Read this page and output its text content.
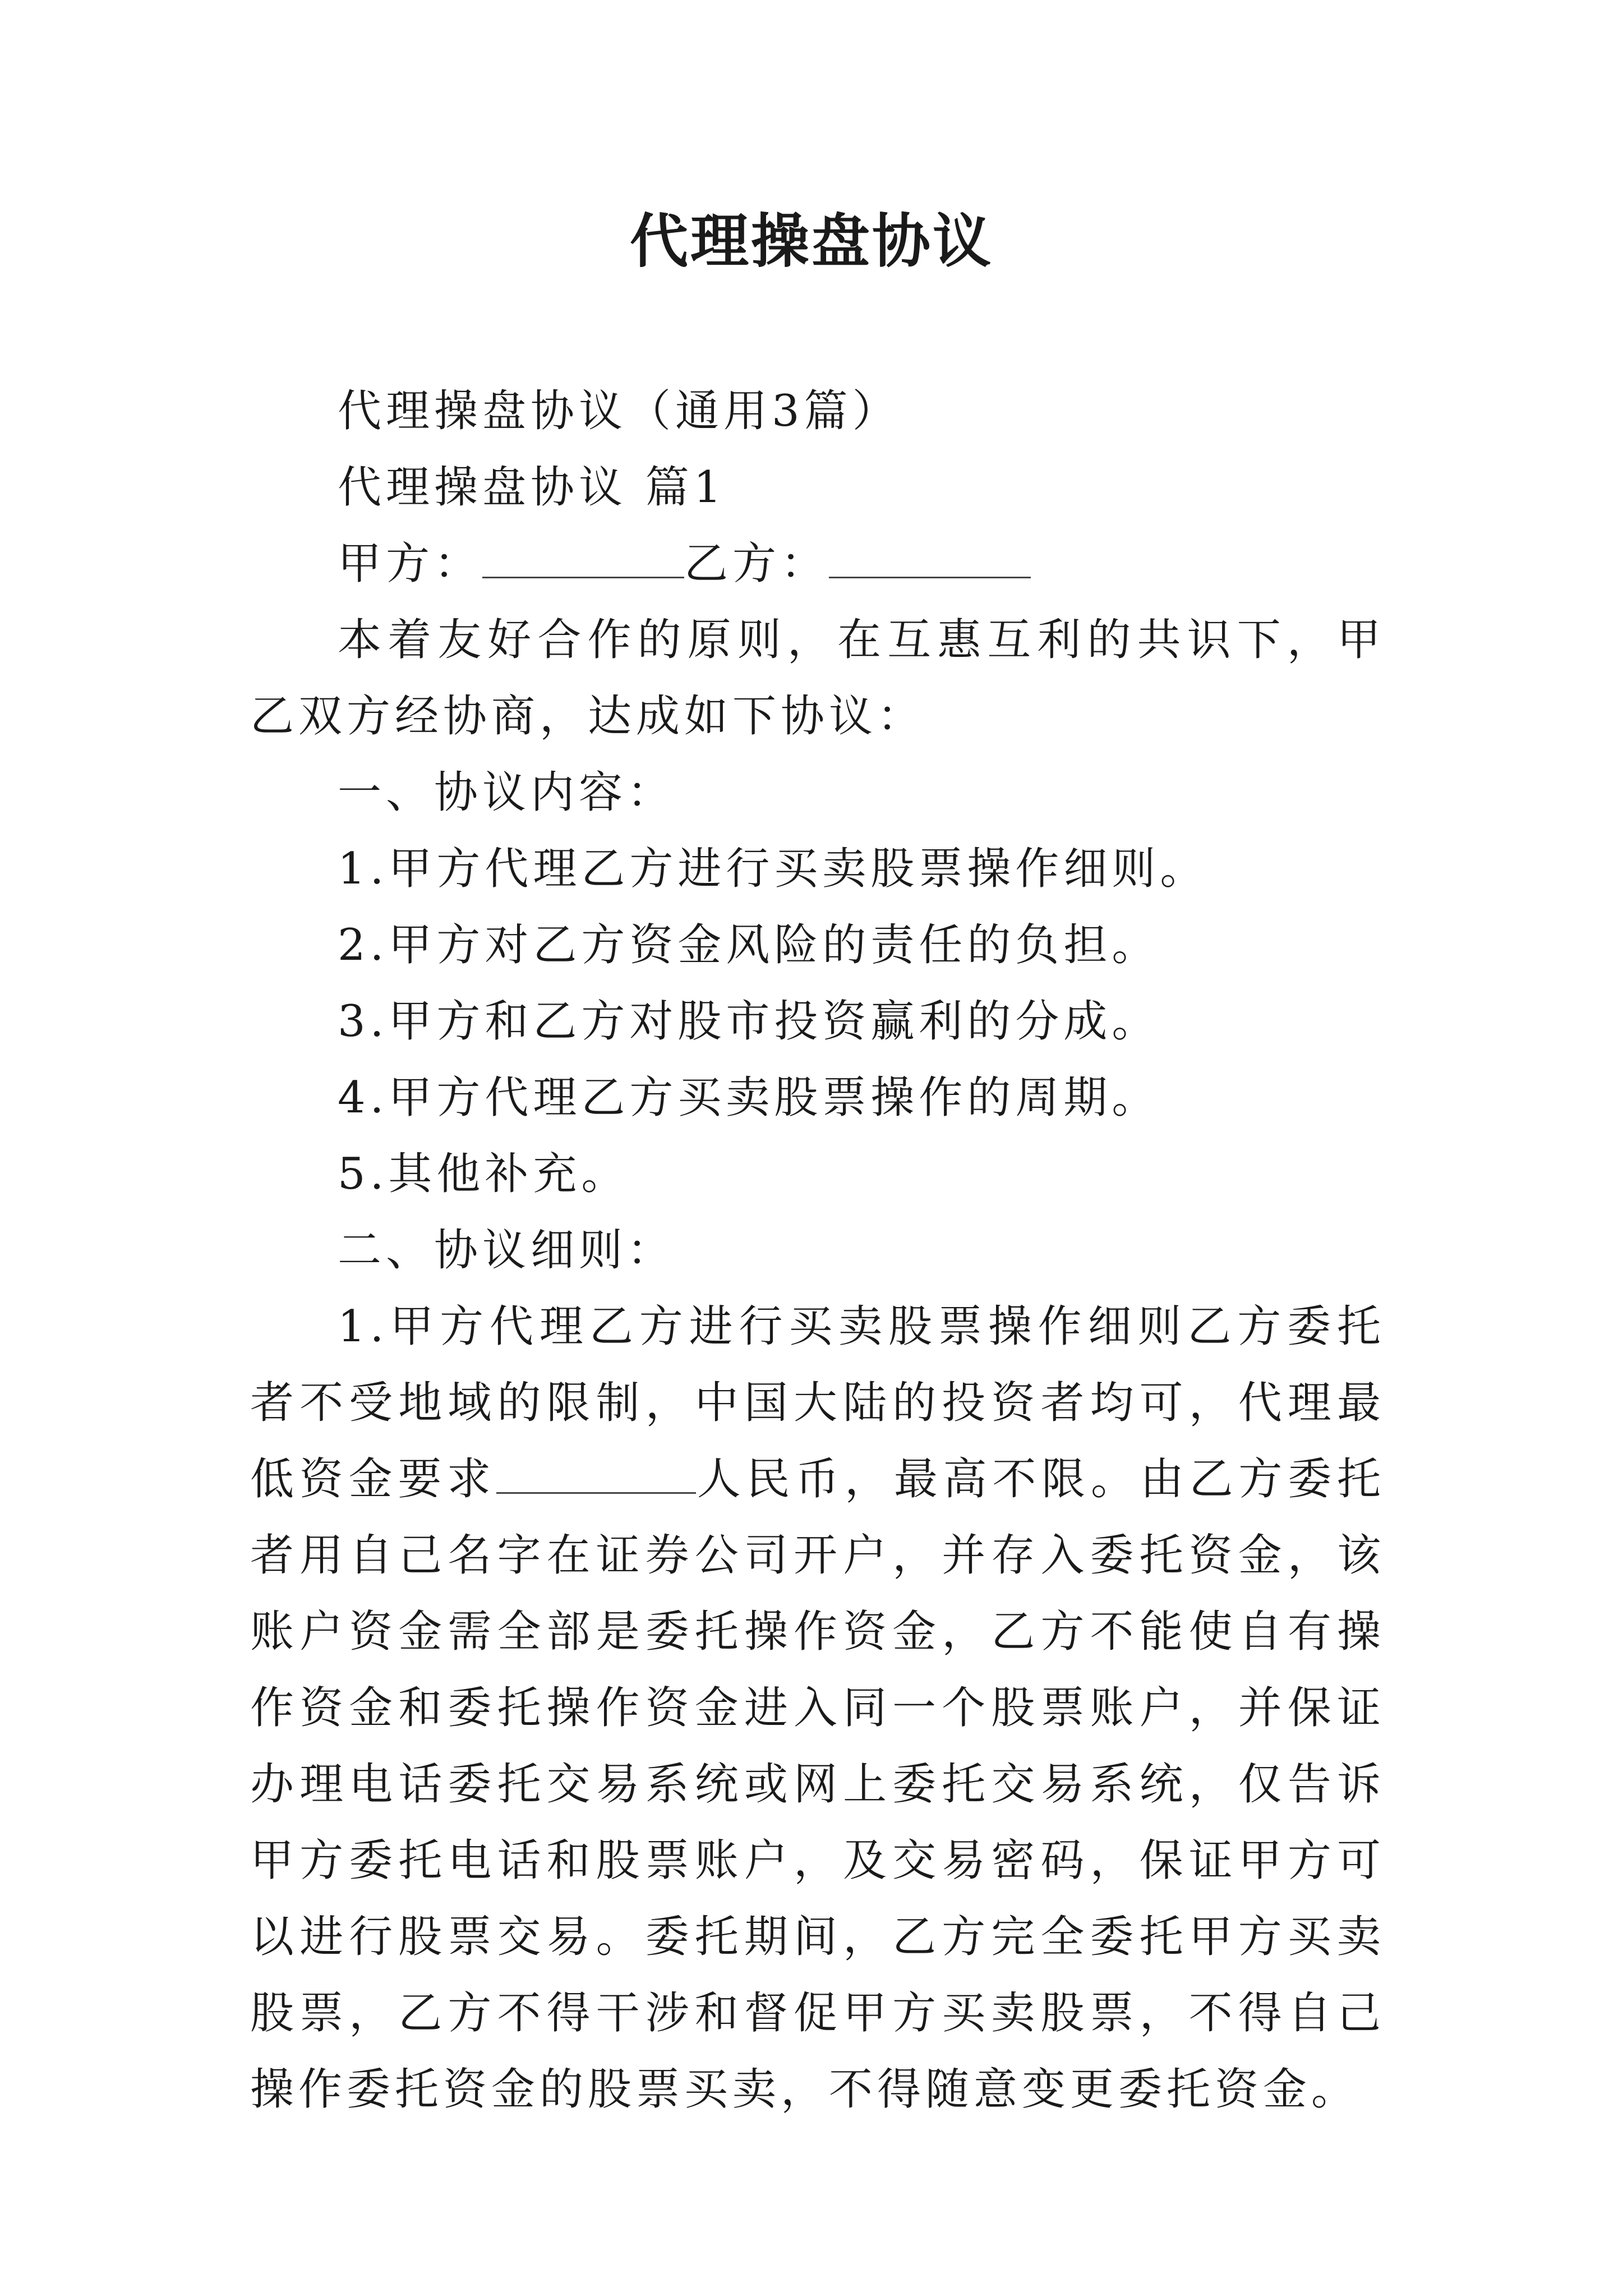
代理操盘协议

代理操盘协议（通用3篇）

代理操盘协议 篇1

甲方：	乙方：

本着友好合作的原则，在互惠互利的共识下，甲乙双方经协商，达成如下协议：

一、协议内容：

1.甲方代理乙方进行买卖股票操作细则。

2.甲方对乙方资金风险的责任的负担。

3.甲方和乙方对股市投资赢利的分成。

4.甲方代理乙方买卖股票操作的周期。

5.其他补充。

二、协议细则：

1.甲方代理乙方进行买卖股票操作细则乙方委托者不受地域的限制，中国大陆的投资者均可，代理最低资金要求	人民币，最高不限。由乙方委托者用自己名字在证券公司开户，并存入委托资金，该账户资金需全部是委托操作资金，乙方不能使自有操作资金和委托操作资金进入同一个股票账户，并保证办理电话委托交易系统或网上委托交易系统，仅告诉甲方委托电话和股票账户，及交易密码，保证甲方可以进行股票交易。委托期间，乙方完全委托甲方买卖股票，乙方不得干涉和督促甲方买卖股票，不得自己操作委托资金的股票买卖，不得随意变更委托资金。
